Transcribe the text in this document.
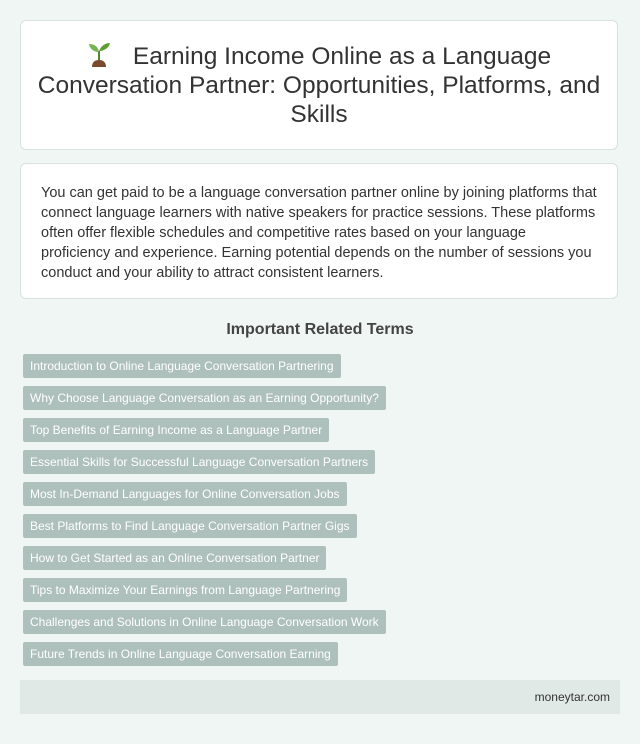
Earning Income Online as a Language Conversation Partner: Opportunities, Platforms, and Skills

You can get paid to be a language conversation partner online by joining platforms that connect language learners with native speakers for practice sessions. These platforms often offer flexible schedules and competitive rates based on your language proficiency and experience. Earning potential depends on the number of sessions you conduct and your ability to attract consistent learners.

Important Related Terms
Introduction to Online Language Conversation Partnering
Why Choose Language Conversation as an Earning Opportunity?
Top Benefits of Earning Income as a Language Partner
Essential Skills for Successful Language Conversation Partners
Most In-Demand Languages for Online Conversation Jobs
Best Platforms to Find Language Conversation Partner Gigs
How to Get Started as an Online Conversation Partner
Tips to Maximize Your Earnings from Language Partnering
Challenges and Solutions in Online Language Conversation Work
Future Trends in Online Language Conversation Earning
moneytar.com
